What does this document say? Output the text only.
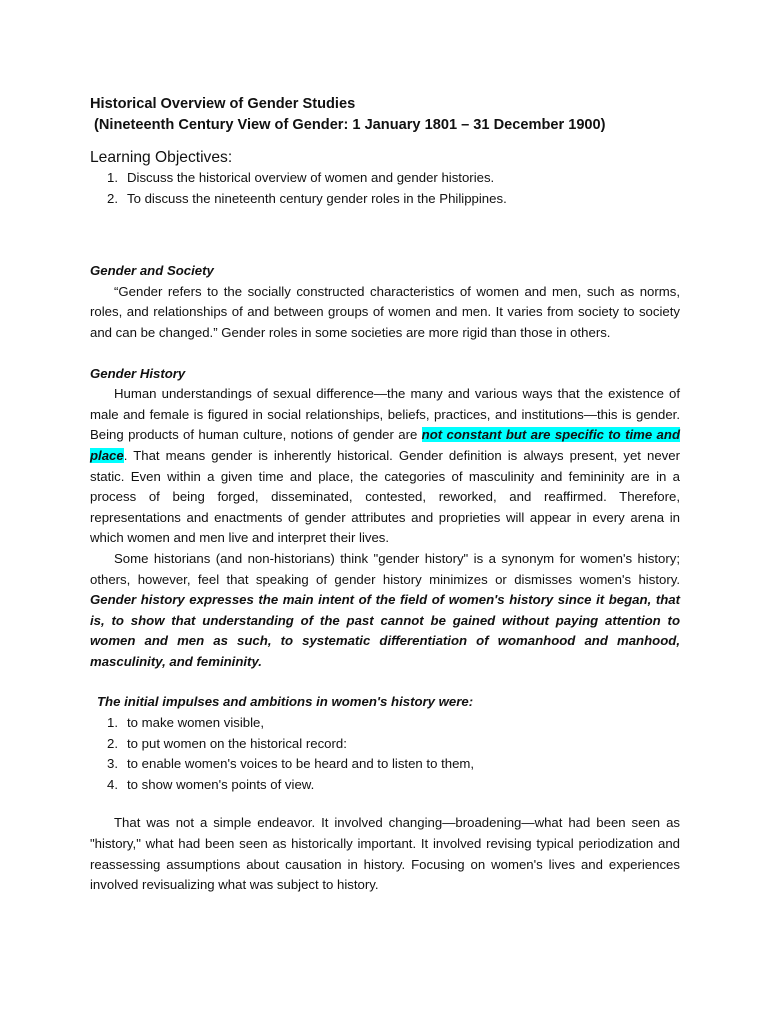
Historical Overview of Gender Studies
(Nineteenth Century View of Gender: 1 January 1801 – 31 December 1900)
Learning Objectives:
1. Discuss the historical overview of women and gender histories.
2. To discuss the nineteenth century gender roles in the Philippines.
Gender and Society
“Gender refers to the socially constructed characteristics of women and men, such as norms, roles, and relationships of and between groups of women and men. It varies from society to society and can be changed.” Gender roles in some societies are more rigid than those in others.
Gender History
Human understandings of sexual difference—the many and various ways that the existence of male and female is figured in social relationships, beliefs, practices, and institutions—this is gender. Being products of human culture, notions of gender are not constant but are specific to time and place. That means gender is inherently historical. Gender definition is always present, yet never static. Even within a given time and place, the categories of masculinity and femininity are in a process of being forged, disseminated, contested, reworked, and reaffirmed. Therefore, representations and enactments of gender attributes and proprieties will appear in every arena in which women and men live and interpret their lives.
Some historians (and non-historians) think "gender history" is a synonym for women's history; others, however, feel that speaking of gender history minimizes or dismisses women's history. Gender history expresses the main intent of the field of women's history since it began, that is, to show that understanding of the past cannot be gained without paying attention to women and men as such, to systematic differentiation of womanhood and manhood, masculinity, and femininity.
The initial impulses and ambitions in women's history were:
1. to make women visible,
2. to put women on the historical record:
3. to enable women's voices to be heard and to listen to them,
4. to show women's points of view.
That was not a simple endeavor. It involved changing—broadening—what had been seen as "history," what had been seen as historically important. It involved revising typical periodization and reassessing assumptions about causation in history. Focusing on women's lives and experiences involved revisualizing what was subject to history.
